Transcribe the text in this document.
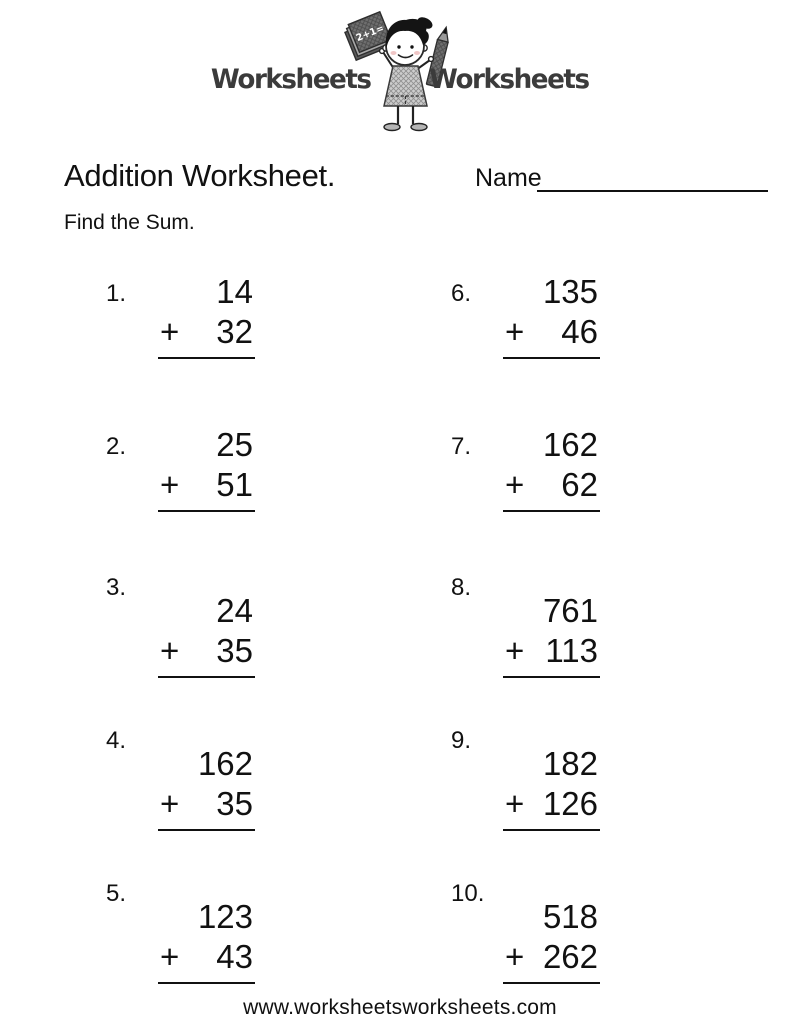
Worksheets
2+1=
Worksheets
Addition Worksheet.	Name
Find the Sum.
1.	14
+ 32
2.	25
+ 51
3.
24
+ 35
4.
162
+ 35
5.
123
+ 43
6.	135
+ 46
7.	162
+ 62
8.
761
+ 113
9.
182
+ 126
10.
518
+ 262
www.worksheetsworksheets.com
